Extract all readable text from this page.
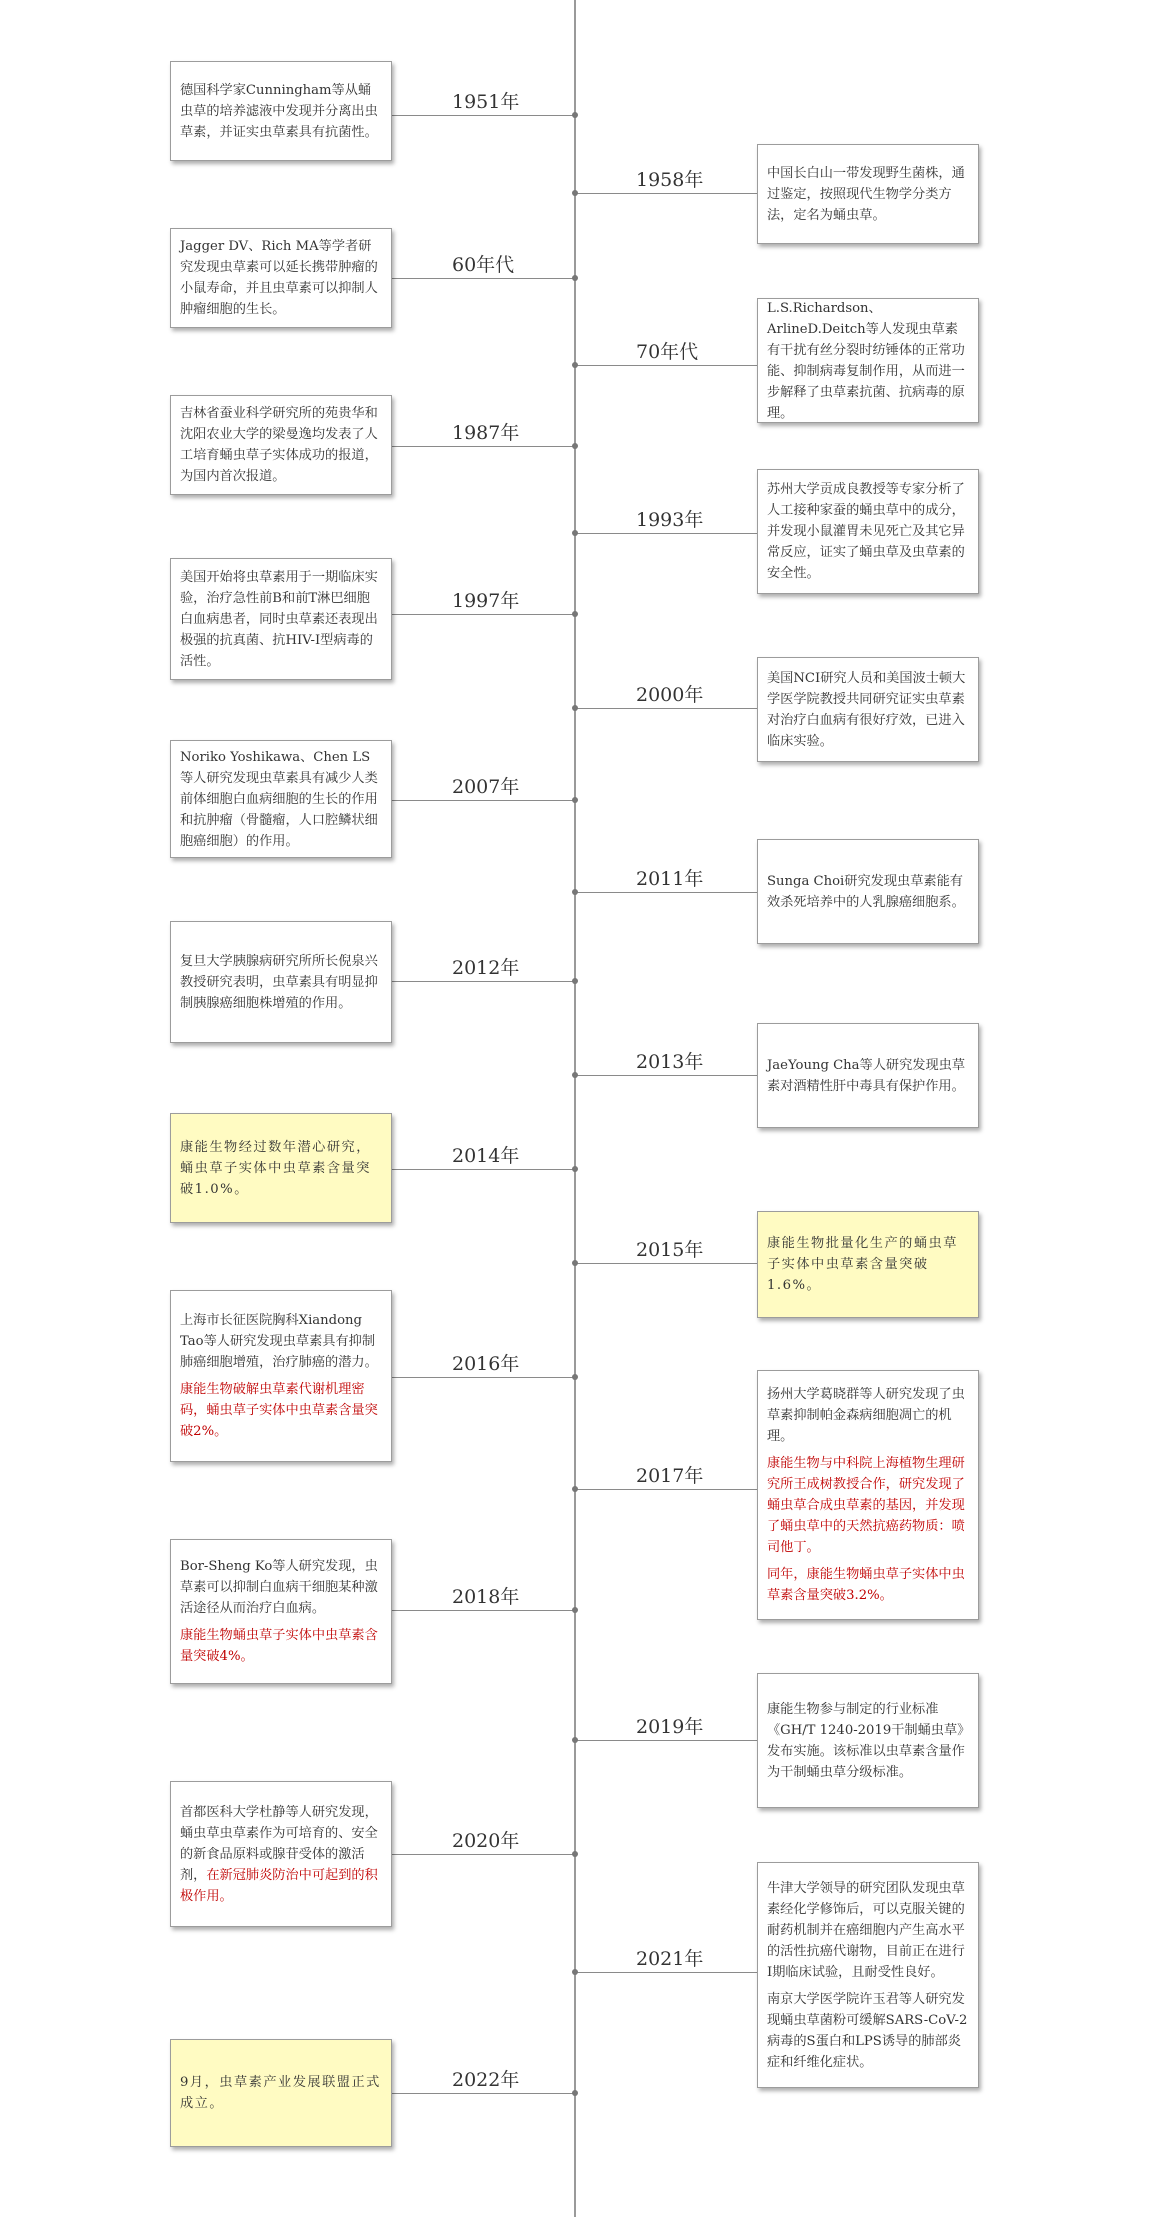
1951年

德国科学家Cunningham等从蛹虫草的培养滤液中发现并分离出虫草素，并证实虫草素具有抗菌性。

1958年	中国长白山一带发现野生菌株，通过鉴定，按照现代生物学分类方法，定名为蛹虫草。

60年代

Jagger DV、Rich MA等学者研究发现虫草素可以延长携带肿瘤的小鼠寿命，并且虫草素可以抑制人肿瘤细胞的生长。

70年代

L.S.Richardson、ArlineD.Deitch等人发现虫草素有干扰有丝分裂时纺锤体的正常功能、抑制病毒复制作用，从而进一步解释了虫草素抗菌、抗病毒的原理。

1987年

吉林省蚕业科学研究所的苑贵华和沈阳农业大学的梁曼逸均发表了人工培育蛹虫草子实体成功的报道，为国内首次报道。

1993年

苏州大学贡成良教授等专家分析了人工接种家蚕的蛹虫草中的成分，并发现小鼠灌胃未见死亡及其它异常反应，证实了蛹虫草及虫草素的安全性。

1997年

美国开始将虫草素用于一期临床实验，治疗急性前B和前T淋巴细胞白血病患者，同时虫草素还表现出极强的抗真菌、抗HIV-Ⅰ型病毒的活性。

2000年

美国NCI研究人员和美国波士顿大学医学院教授共同研究证实虫草素对治疗白血病有很好疗效，已进入临床实验。

2007年

Noriko Yoshikawa、Chen LS等人研究发现虫草素具有减少人类前体细胞白血病细胞的生长的作用和抗肿瘤（骨髓瘤，人口腔鳞状细胞癌细胞）的作用。

2011年	Sunga Choi研究发现虫草素能有效杀死培养中的人乳腺癌细胞系。

2012年

复旦大学胰腺病研究所所长倪泉兴教授研究表明，虫草素具有明显抑制胰腺癌细胞株增殖的作用。

2013年	JaeYoung Cha等人研究发现虫草素对酒精性肝中毒具有保护作用。

2014年

康能生物经过数年潜心研究，蛹虫草子实体中虫草素含量突破1.0%。

2015年	康能生物批量化生产的蛹虫草子实体中虫草素含量突破1.6%。

2016年

上海市长征医院胸科Xiandong Tao等人研究发现虫草素具有抑制肺癌细胞增殖，治疗肺癌的潜力。

康能生物破解虫草素代谢机理密码，蛹虫草子实体中虫草素含量突破2%。

2017年

扬州大学葛晓群等人研究发现了虫草素抑制帕金森病细胞凋亡的机理。

康能生物与中科院上海植物生理研究所王成树教授合作，研究发现了蛹虫草合成虫草素的基因，并发现了蛹虫草中的天然抗癌药物质：喷司他丁。

同年，康能生物蛹虫草子实体中虫草素含量突破3.2%。

2018年

Bor-Sheng Ko等人研究发现，虫草素可以抑制白血病干细胞某种激活途径从而治疗白血病。

康能生物蛹虫草子实体中虫草素含量突破4%。

2019年

康能生物参与制定的行业标准《GH/T 1240-2019干制蛹虫草》发布实施。该标准以虫草素含量作为干制蛹虫草分级标准。

2020年

首都医科大学杜静等人研究发现，蛹虫草虫草素作为可培育的、安全的新食品原料或腺苷受体的激活剂，在新冠肺炎防治中可起到的积极作用。

2021年

牛津大学领导的研究团队发现虫草素经化学修饰后，可以克服关键的耐药机制并在癌细胞内产生高水平的活性抗癌代谢物，目前正在进行I期临床试验，且耐受性良好。

南京大学医学院许玉君等人研究发现蛹虫草菌粉可缓解SARS-CoV-2病毒的S蛋白和LPS诱导的肺部炎症和纤维化症状。

2022年

9月，虫草素产业发展联盟正式成立。
